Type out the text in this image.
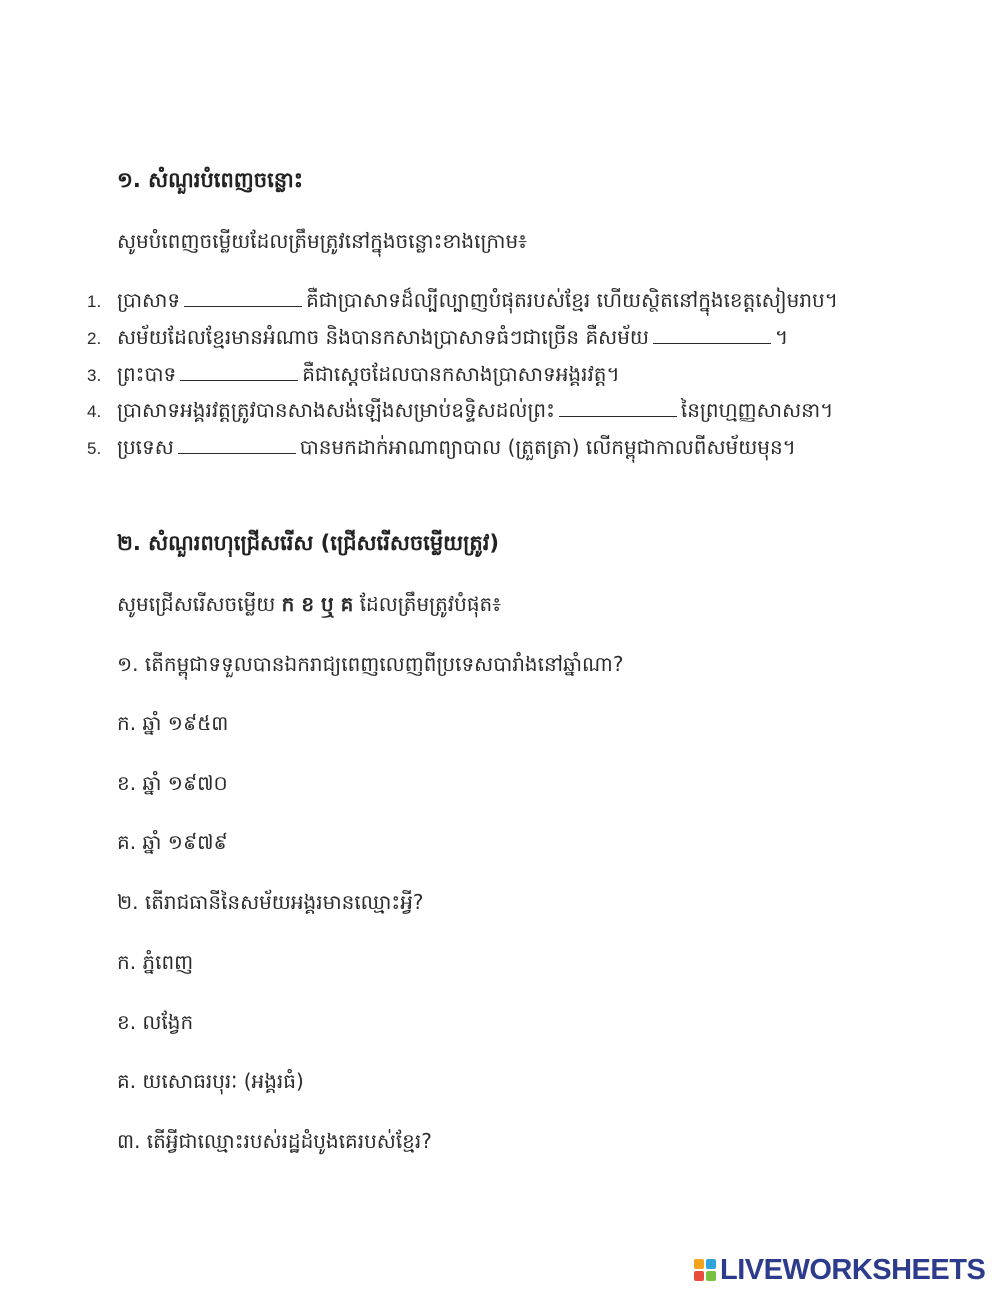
១. សំណួរបំពេញចន្លោះ
សូមបំពេញចម្លើយដែលត្រឹមត្រូវនៅក្នុងចន្លោះខាងក្រោម៖
1. ប្រាសាទ	គឺជាប្រាសាទដ៏ល្បីល្បាញបំផុតរបស់ខ្មែរ ហើយស្ថិតនៅក្នុងខេត្តសៀមរាប។
2. សម័យដែលខ្មែរមានអំណាច និងបានកសាងប្រាសាទធំៗជាច្រើន គឺសម័យ	។
3. ព្រះបាទ	គឺជាស្តេចដែលបានកសាងប្រាសាទអង្គរវត្ត។
4. ប្រាសាទអង្គរវត្តត្រូវបានសាងសង់ឡើងសម្រាប់ឧទ្ទិសដល់ព្រះ	នៃព្រហ្មញ្ញសាសនា។
5. ប្រទេស	បានមកដាក់អាណាព្យាបាល (ត្រួតត្រា) លើកម្ពុជាកាលពីសម័យមុន។
២. សំណួរពហុជ្រើសរើស (ជ្រើសរើសចម្លើយត្រូវ)
សូមជ្រើសរើសចម្លើយ ក ខ ឬ គ ដែលត្រឹមត្រូវបំផុត៖
១. តើកម្ពុជាទទួលបានឯករាជ្យពេញលេញពីប្រទេសបារាំងនៅឆ្នាំណា?
ក. ឆ្នាំ ១៩៥៣
ខ. ឆ្នាំ ១៩៧០
គ. ឆ្នាំ ១៩៧៩
២. តើរាជធានីនៃសម័យអង្គរមានឈ្មោះអ្វី?
ក. ភ្នំពេញ
ខ. លង្វែក
គ. យសោធរបុរៈ (អង្គរធំ)
៣. តើអ្វីជាឈ្មោះរបស់រដ្ឋដំបូងគេរបស់ខ្មែរ?
LIVEWORKSHEETS
